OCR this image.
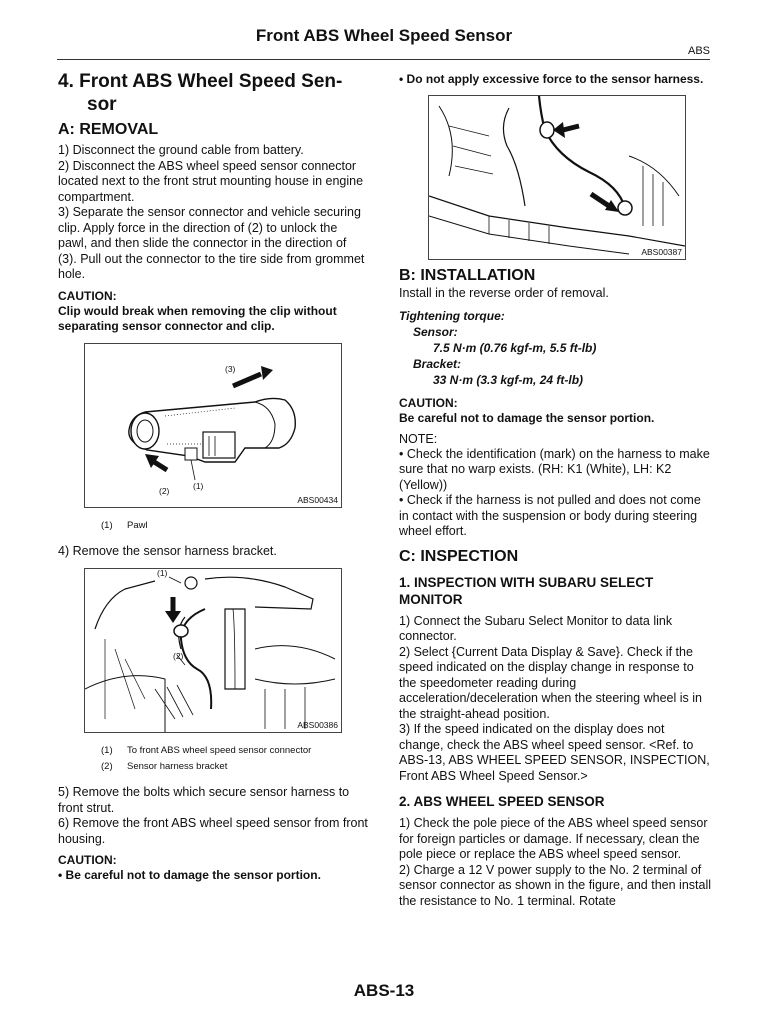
Front ABS Wheel Speed Sensor
ABS
4. Front ABS Wheel Speed Sen-
sor
A: REMOVAL

1) Disconnect the ground cable from battery.
2) Disconnect the ABS wheel speed sensor connector located next to the front strut mounting house in engine compartment.
3) Separate the sensor connector and vehicle securing clip. Apply force in the direction of (2) to unlock the pawl, and then slide the connector in the direction of (3). Pull out the connector to the tire side from grommet hole.

CAUTION:
Clip would break when removing the clip without separating sensor connector and clip.
(3)
(2)	(1)
ABS00434
(1) Pawl

4) Remove the sensor harness bracket.

(1)
(2)
ABS00386
(1) To front ABS wheel speed sensor connector
(2) Sensor harness bracket

5) Remove the bolts which secure sensor harness to front strut.
6) Remove the front ABS wheel speed sensor from front housing.

CAUTION:
• Be careful not to damage the sensor portion.
• Do not apply excessive force to the sensor harness.
ABS00387
B: INSTALLATION

Install in the reverse order of removal.

Tightening torque:
Sensor:
7.5 N·m (0.76 kgf-m, 5.5 ft-lb)
Bracket:
33 N·m (3.3 kgf-m, 24 ft-lb)
CAUTION:
Be careful not to damage the sensor portion.
NOTE:

• Check the identification (mark) on the harness to make sure that no warp exists. (RH: K1 (White), LH: K2 (Yellow))
• Check if the harness is not pulled and does not come in contact with the suspension or body during steering wheel effort.

C: INSPECTION
1. INSPECTION WITH SUBARU SELECT MONITOR

1) Connect the Subaru Select Monitor to data link connector.
2) Select {Current Data Display & Save}. Check if the speed indicated on the display change in response to the speedometer reading during acceleration/deceleration when the steering wheel is in the straight-ahead position.
3) If the speed indicated on the display does not change, check the ABS wheel speed sensor. <Ref. to ABS-13, ABS WHEEL SPEED SENSOR, INSPECTION, Front ABS Wheel Speed Sensor.>

2. ABS WHEEL SPEED SENSOR

1) Check the pole piece of the ABS wheel speed sensor for foreign particles or damage. If necessary, clean the pole piece or replace the ABS wheel speed sensor.
2) Charge a 12 V power supply to the No. 2 terminal of sensor connector as shown in the figure, and then install the resistance to No. 1 terminal. Rotate

ABS-13
